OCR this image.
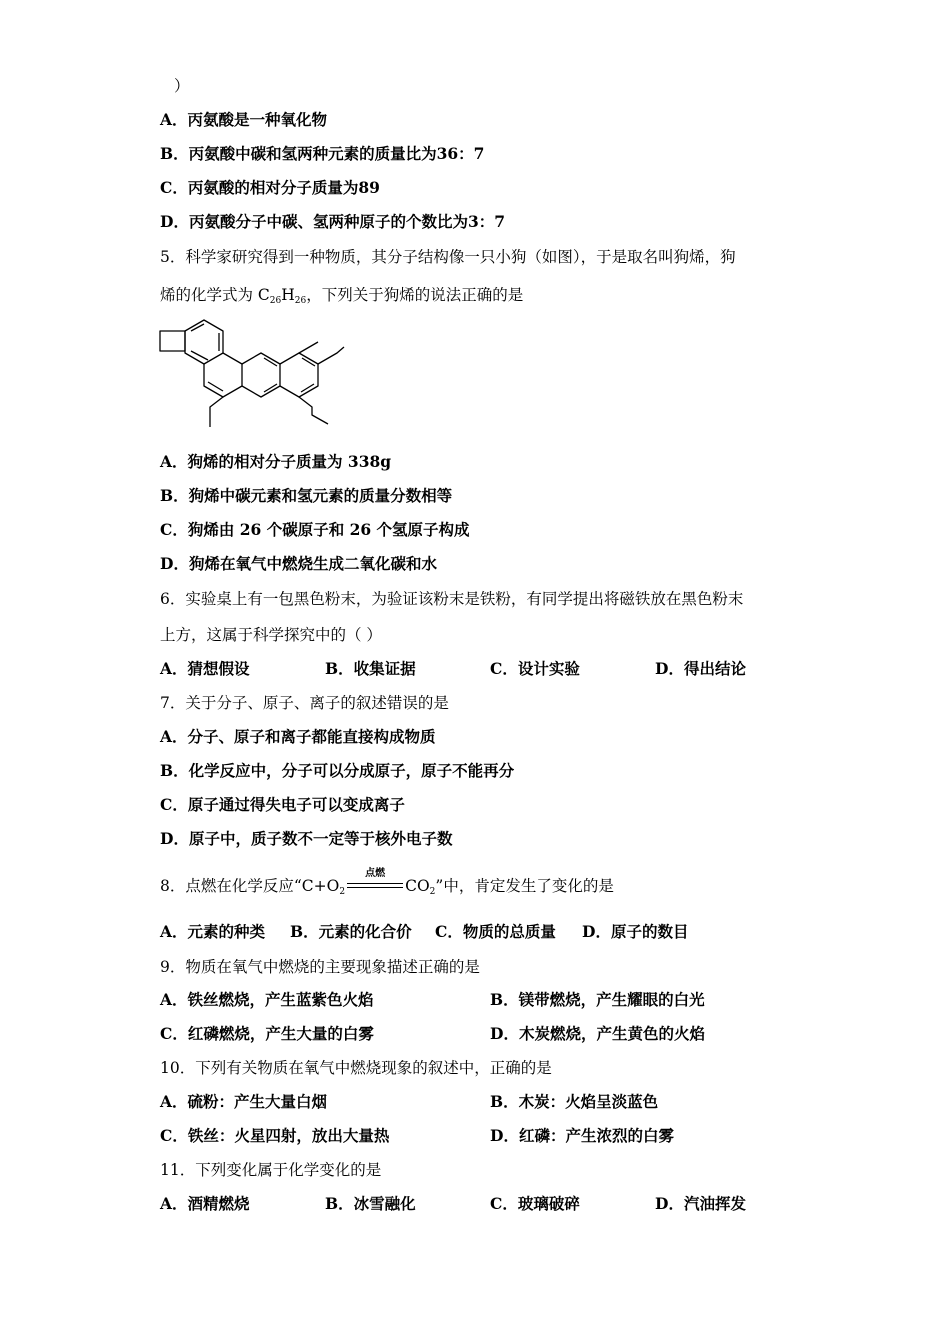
）
A．丙氨酸是一种氧化物
B．丙氨酸中碳和氢两种元素的质量比为36：7
C．丙氨酸的相对分子质量为89
D．丙氨酸分子中碳、氢两种原子的个数比为3：7
5．科学家研究得到一种物质，其分子结构像一只小狗（如图），于是取名叫狗烯，狗
烯的化学式为 $C_{26}H_{26}$，下列关于狗烯的说法正确的是
A．狗烯的相对分子质量为 338g
B．狗烯中碳元素和氢元素的质量分数相等
C．狗烯由 26 个碳原子和 26 个氢原子构成
D．狗烯在氧气中燃烧生成二氧化碳和水
6．实验桌上有一包黑色粉末，为验证该粉末是铁粉，有同学提出将磁铁放在黑色粉末
上方，这属于科学探究中的（ ）
A．猜想假设	B．收集证据	C．设计实验	D．得出结论
7．关于分子、原子、离子的叙述错误的是
A．分子、原子和离子都能直接构成物质
B．化学反应中，分子可以分成原子，原子不能再分
C．原子通过得失电子可以变成离子
D．原子中，质子数不一定等于核外电子数
8．点燃在化学反应“$C+O_2$
点燃
$CO_2$”中，肯定发生了变化的是
A．元素的种类 B．元素的化合价 C．物质的总质量 D．原子的数目
9．物质在氧气中燃烧的主要现象描述正确的是
A．铁丝燃烧，产生蓝紫色火焰	B．镁带燃烧，产生耀眼的白光
C．红磷燃烧，产生大量的白雾	D．木炭燃烧，产生黄色的火焰
10．下列有关物质在氧气中燃烧现象的叙述中，正确的是
A．硫粉：产生大量白烟	B．木炭：火焰呈淡蓝色
C．铁丝：火星四射，放出大量热	D．红磷：产生浓烈的白雾
11．下列变化属于化学变化的是
A．酒精燃烧	B．冰雪融化	C．玻璃破碎	D．汽油挥发
